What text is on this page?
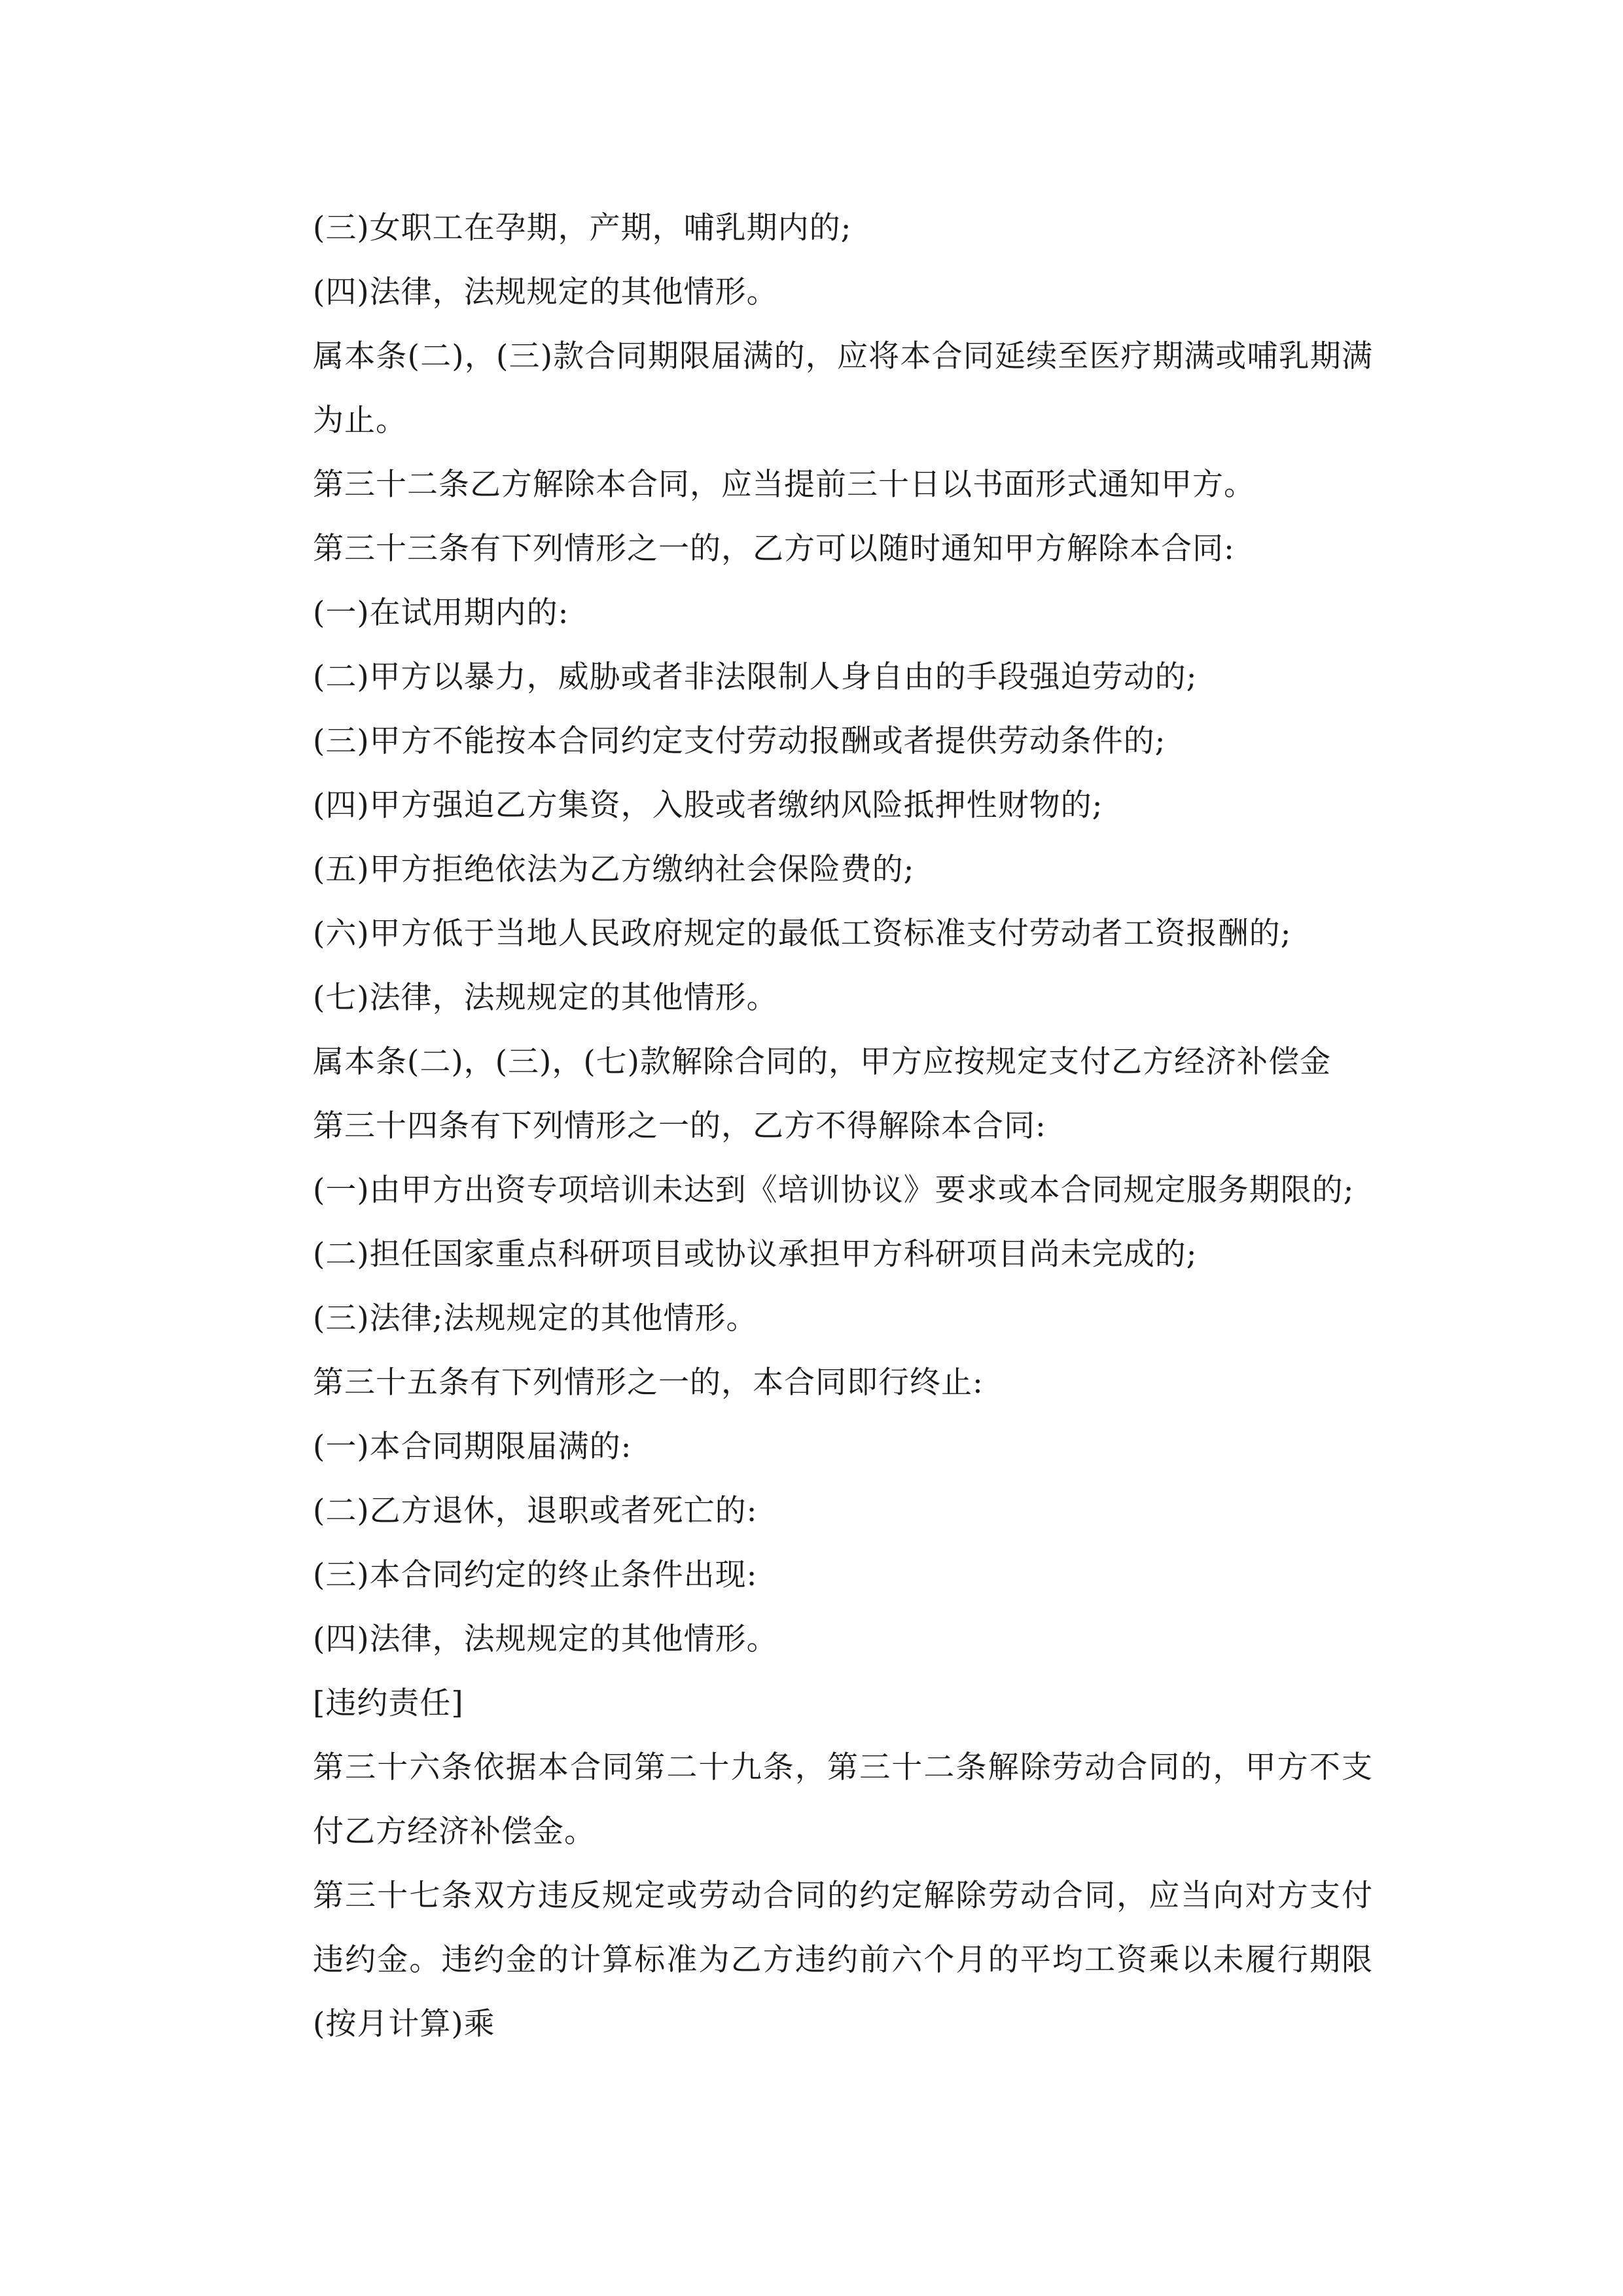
(三)女职工在孕期，产期，哺乳期内的;

(四)法律，法规规定的其他情形。

属本条(二)，(三)款合同期限届满的，应将本合同延续至医疗期满或哺乳期满为止。

第三十二条乙方解除本合同，应当提前三十日以书面形式通知甲方。

第三十三条有下列情形之一的，乙方可以随时通知甲方解除本合同:

(一)在试用期内的:

(二)甲方以暴力，威胁或者非法限制人身自由的手段强迫劳动的;

(三)甲方不能按本合同约定支付劳动报酬或者提供劳动条件的;

(四)甲方强迫乙方集资，入股或者缴纳风险抵押性财物的;

(五)甲方拒绝依法为乙方缴纳社会保险费的;

(六)甲方低于当地人民政府规定的最低工资标准支付劳动者工资报酬的;

(七)法律，法规规定的其他情形。

属本条(二)，(三)，(七)款解除合同的，甲方应按规定支付乙方经济补偿金

第三十四条有下列情形之一的，乙方不得解除本合同:

(一)由甲方出资专项培训未达到《培训协议》要求或本合同规定服务期限的;

(二)担任国家重点科研项目或协议承担甲方科研项目尚未完成的;

(三)法律;法规规定的其他情形。

第三十五条有下列情形之一的，本合同即行终止:

(一)本合同期限届满的:

(二)乙方退休，退职或者死亡的:

(三)本合同约定的终止条件出现:

(四)法律，法规规定的其他情形。

[违约责任]

第三十六条依据本合同第二十九条，第三十二条解除劳动合同的，甲方不支付乙方经济补偿金。

第三十七条双方违反规定或劳动合同的约定解除劳动合同，应当向对方支付违约金。违约金的计算标准为乙方违约前六个月的平均工资乘以未履行期限(按月计算)乘
